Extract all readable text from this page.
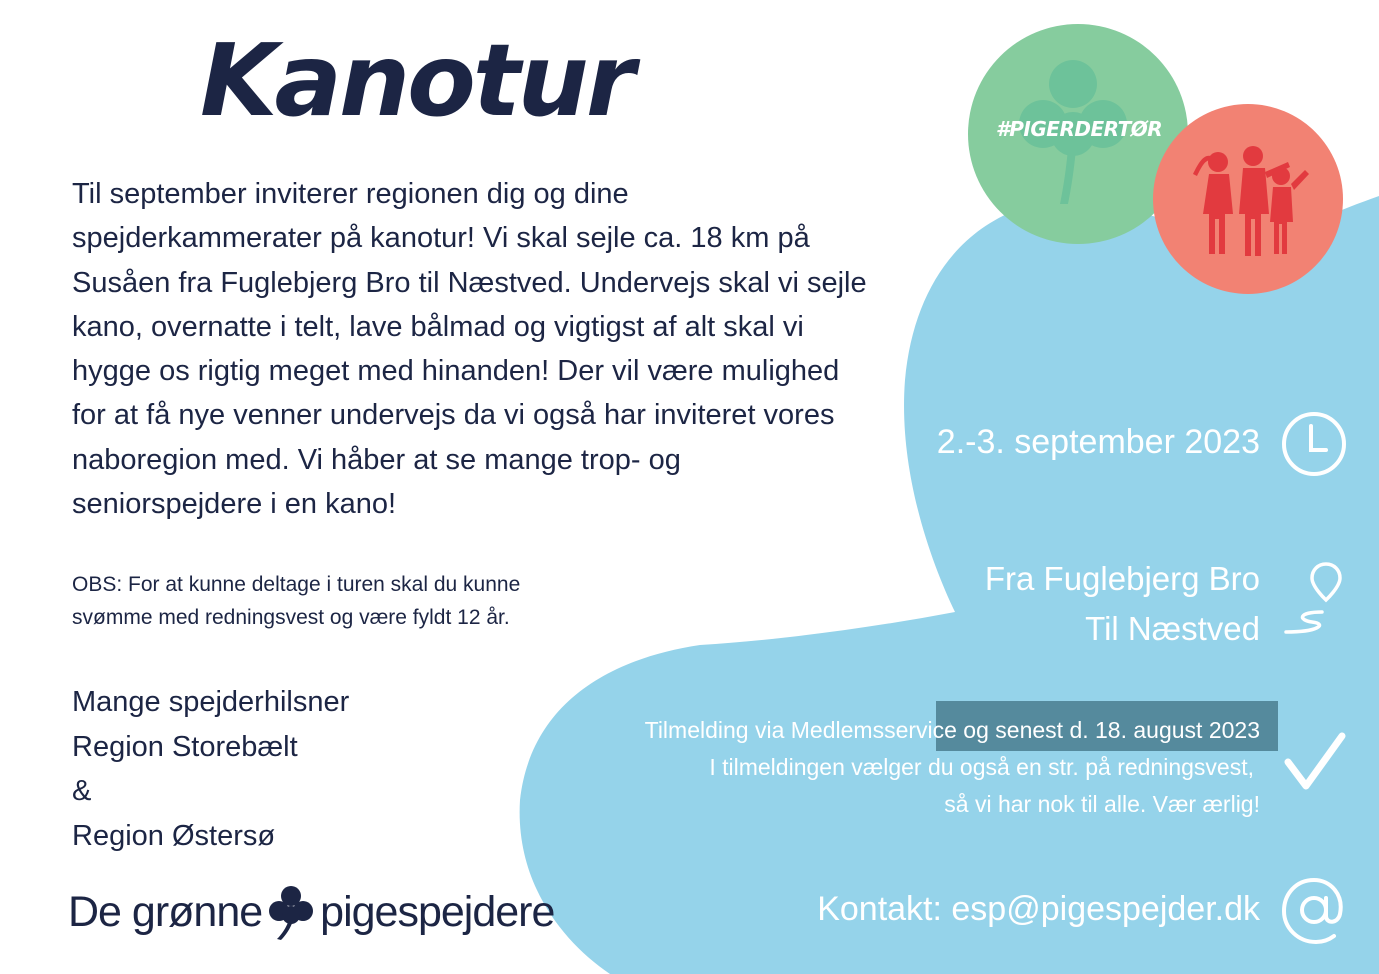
Kanotur

Til september inviterer regionen dig og dine spejderkammerater på kanotur! Vi skal sejle ca. 18 km på Susåen fra Fuglebjerg Bro til Næstved. Undervejs skal vi sejle kano, overnatte i telt, lave bålmad og vigtigst af alt skal vi hygge os rigtig meget med hinanden! Der vil være mulighed for at få nye venner undervejs da vi også har inviteret vores naboregion med. Vi håber at se mange trop- og seniorspejdere i en kano!

OBS: For at kunne deltage i turen skal du kunne svømme med redningsvest og være fyldt 12 år.

Mange spejderhilsner
Region Storebælt
&
Region Østersø
De grønne pigespejdere
#PIGERDERTØR
2.-3. september 2023
Fra Fuglebjerg Bro
Til Næstved
Tilmelding via Medlemsservice og senest d. 18. august 2023
I tilmeldingen vælger du også en str. på redningsvest,
så vi har nok til alle. Vær ærlig!
Kontakt: esp@pigespejder.dk
